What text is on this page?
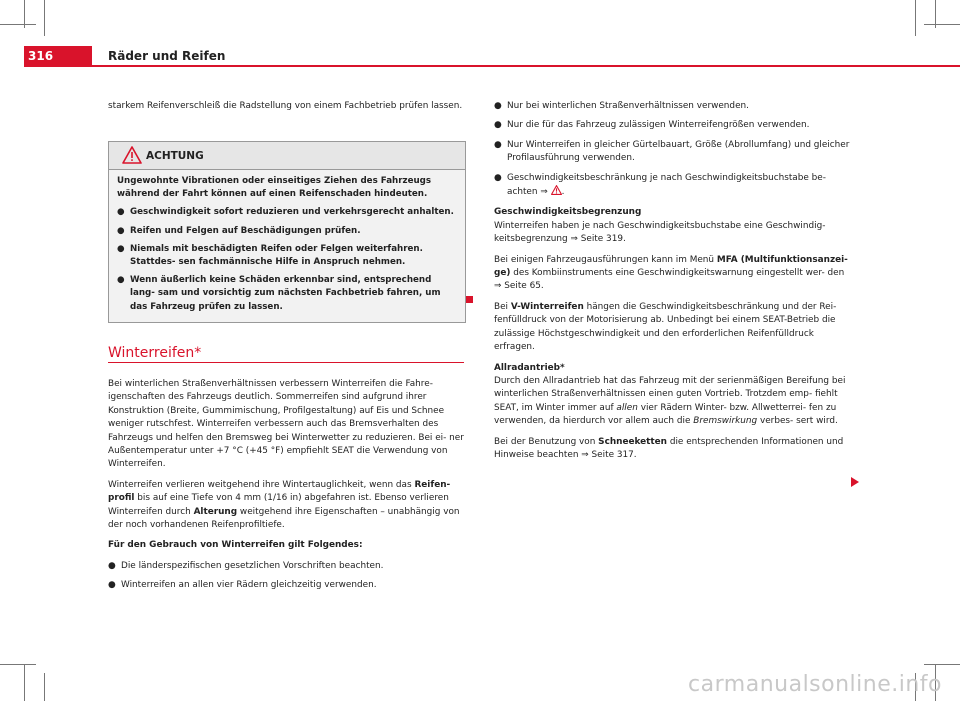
316	Räder und Reifen

starkem Reifenverschleiß die Radstellung von einem Fachbetrieb prüfen lassen.

ACHTUNG

Ungewohnte Vibrationen oder einseitiges Ziehen des Fahrzeugs während der Fahrt können auf einen Reifenschaden hindeuten.

● Geschwindigkeit sofort reduzieren und verkehrsgerecht anhalten.
● Reifen und Felgen auf Beschädigungen prüfen.
● Niemals mit beschädigten Reifen oder Felgen weiterfahren. Stattdes- sen fachmännische Hilfe in Anspruch nehmen.
● Wenn äußerlich keine Schäden erkennbar sind, entsprechend lang- sam und vorsichtig zum nächsten Fachbetrieb fahren, um das Fahrzeug prüfen zu lassen.
Winterreifen*

Bei winterlichen Straßenverhältnissen verbessern Winterreifen die Fahre- igenschaften des Fahrzeugs deutlich. Sommerreifen sind aufgrund ihrer Konstruktion (Breite, Gummimischung, Profilgestaltung) auf Eis und Schnee weniger rutschfest. Winterreifen verbessern auch das Bremsverhalten des Fahrzeugs und helfen den Bremsweg bei Winterwetter zu reduzieren. Bei ei- ner Außentemperatur unter +7 °C (+45 °F) empfiehlt SEAT die Verwendung von Winterreifen.

Winterreifen verlieren weitgehend ihre Wintertauglichkeit, wenn das Reifen- profil bis auf eine Tiefe von 4 mm (1/16 in) abgefahren ist. Ebenso verlieren Winterreifen durch Alterung weitgehend ihre Eigenschaften – unabhängig von der noch vorhandenen Reifenprofiltiefe.

Für den Gebrauch von Winterreifen gilt Folgendes:

● Die länderspezifischen gesetzlichen Vorschriften beachten.
● Winterreifen an allen vier Rädern gleichzeitig verwenden.
● Nur bei winterlichen Straßenverhältnissen verwenden.
● Nur die für das Fahrzeug zulässigen Winterreifengrößen verwenden.
● Nur Winterreifen in gleicher Gürtelbauart, Größe (Abrollumfang) und gleicher Profilausführung verwenden.
● Geschwindigkeitsbeschränkung je nach Geschwindigkeitsbuchstabe be- achten ⇒ .

Geschwindigkeitsbegrenzung

Winterreifen haben je nach Geschwindigkeitsbuchstabe eine Geschwindig- keitsbegrenzung ⇒ Seite 319.

Bei einigen Fahrzeugausführungen kann im Menü MFA (Multifunktionsanzei- ge) des Kombiinstruments eine Geschwindigkeitswarnung eingestellt wer- den ⇒ Seite 65.

Bei V-Winterreifen hängen die Geschwindigkeitsbeschränkung und der Rei- fenfülldruck von der Motorisierung ab. Unbedingt bei einem SEAT-Betrieb die zulässige Höchstgeschwindigkeit und den erforderlichen Reifenfülldruck erfragen.

Allradantrieb*

Durch den Allradantrieb hat das Fahrzeug mit der serienmäßigen Bereifung bei winterlichen Straßenverhältnissen einen guten Vortrieb. Trotzdem emp- fiehlt SEAT, im Winter immer auf allen vier Rädern Winter- bzw. Allwetterrei- fen zu verwenden, da hierdurch vor allem auch die Bremswirkung verbes- sert wird.

Bei der Benutzung von Schneeketten die entsprechenden Informationen und Hinweise beachten ⇒ Seite 317.

carmanualsonline.info
